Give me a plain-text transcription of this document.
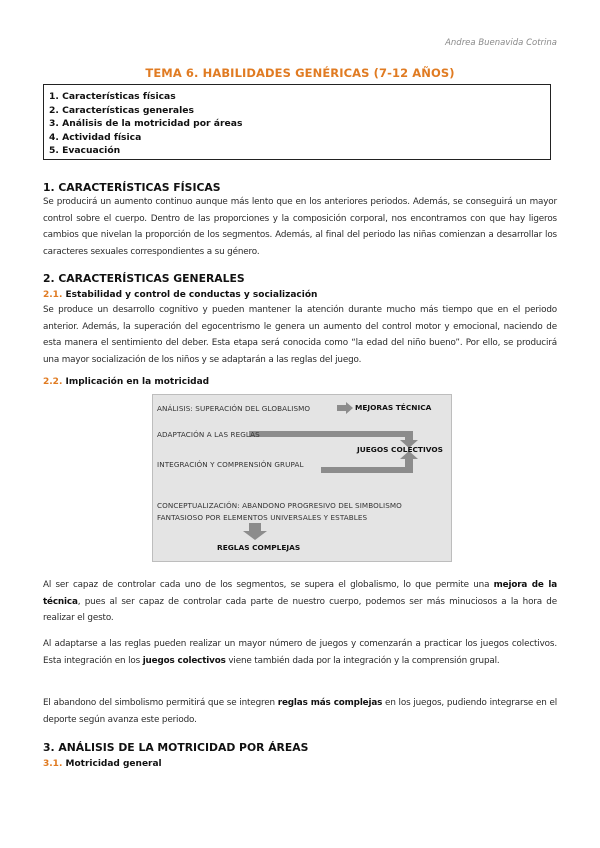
Andrea Buenavida Cotrina
TEMA 6. HABILIDADES GENÉRICAS (7-12 AÑOS)
1. Características físicas
2. Características generales
3. Análisis de la motricidad por áreas
4. Actividad física
5. Evacuación
1. CARACTERÍSTICAS FÍSICAS
Se producirá un aumento continuo aunque más lento que en los anteriores periodos. Además, se conseguirá un mayor control sobre el cuerpo. Dentro de las proporciones y la composición corporal, nos encontramos con que hay ligeros cambios que nivelan la proporción de los segmentos. Además, al final del periodo las niñas comienzan a desarrollar los caracteres sexuales correspondientes a su género.
2. CARACTERÍSTICAS GENERALES
2.1. Estabilidad y control de conductas y socialización
Se produce un desarrollo cognitivo y pueden mantener la atención durante mucho más tiempo que en el periodo anterior. Además, la superación del egocentrismo le genera un aumento del control motor y emocional, naciendo de esta manera el sentimiento del deber. Esta etapa será conocida como “la edad del niño bueno”. Por ello, se producirá una mayor socialización de los niños y se adaptarán a las reglas del juego.
2.2. Implicación en la motricidad
ANÁLISIS: SUPERACIÓN DEL GLOBALISMO	MEJORAS TÉCNICA
ADAPTACIÓN A LAS REGLAS
JUEGOS COLECTIVOS
INTEGRACIÓN Y COMPRENSIÓN GRUPAL
CONCEPTUALIZACIÓN: ABANDONO PROGRESIVO DEL SIMBOLISMO
FANTASIOSO POR ELEMENTOS UNIVERSALES Y ESTABLES
REGLAS COMPLEJAS
Al ser capaz de controlar cada uno de los segmentos, se supera el globalismo, lo que permite una mejora de la técnica, pues al ser capaz de controlar cada parte de nuestro cuerpo, podemos ser más minuciosos a la hora de realizar el gesto.
Al adaptarse a las reglas pueden realizar un mayor número de juegos y comenzarán a practicar los juegos colectivos. Esta integración en los juegos colectivos viene también dada por la integración y la comprensión grupal.
El abandono del simbolismo permitirá que se integren reglas más complejas en los juegos, pudiendo integrarse en el deporte según avanza este periodo.
3. ANÁLISIS DE LA MOTRICIDAD POR ÁREAS
3.1. Motricidad general
